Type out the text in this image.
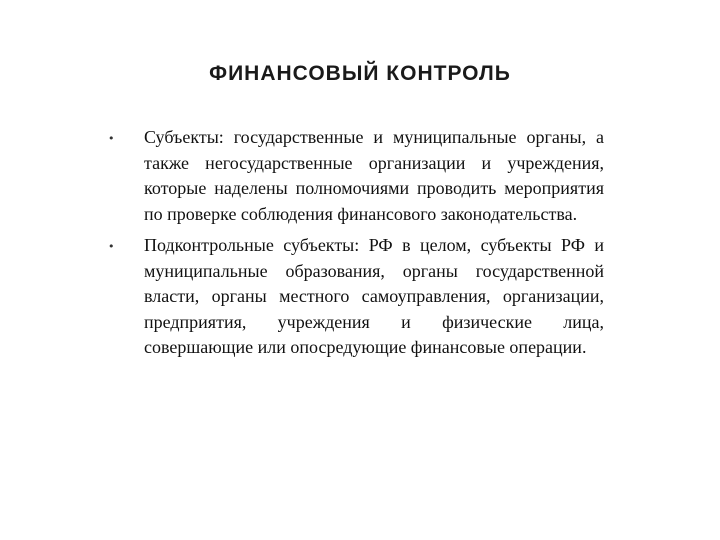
ФИНАНСОВЫЙ КОНТРОЛЬ
•	Субъекты: государственные и муниципальные органы, а также негосударственные организации и учреждения, которые наделены полномочиями проводить мероприятия по проверке соблюдения финансового законодательства.
•	Подконтрольные субъекты: РФ в целом, субъекты РФ и муниципальные образования, органы государственной власти, органы местного самоуправления, организации, предприятия, учреждения и физические лица, совершающие или опосредующие финансовые операции.
